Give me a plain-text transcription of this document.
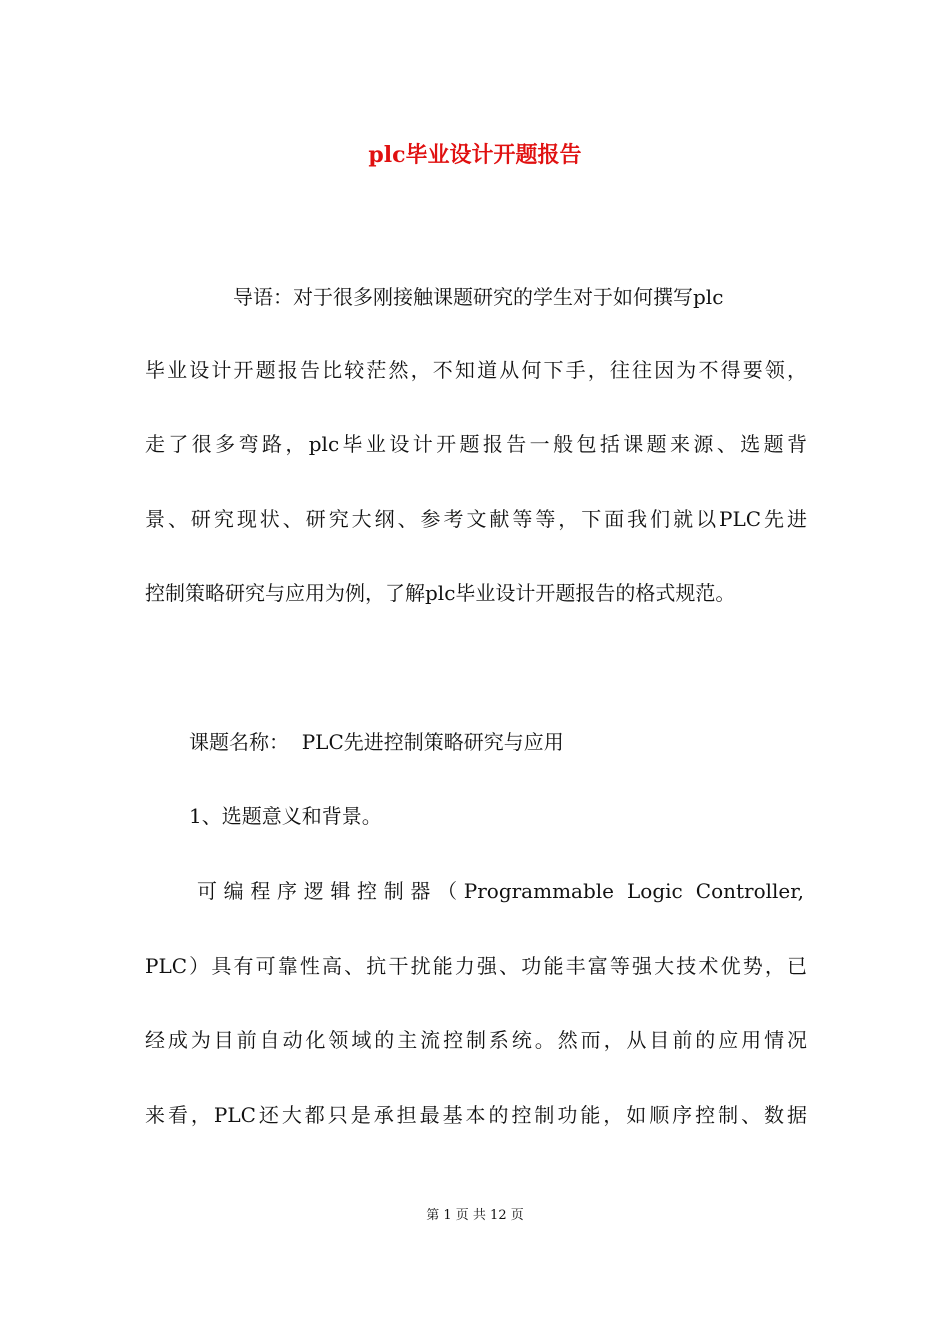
plc毕业设计开题报告
导语：对于很多刚接触课题研究的学生对于如何撰写plc
毕业设计开题报告比较茫然，不知道从何下手，往往因为不得要领，
走了很多弯路，plc毕业设计开题报告一般包括课题来源、选题背
景、研究现状、研究大纲、参考文献等等，下面我们就以PLC先进
控制策略研究与应用为例，了解plc毕业设计开题报告的格式规范。
课题名称：  PLC先进控制策略研究与应用
1、选题意义和背景。
可编程序逻辑控制器（Programmable Logic Controller,
PLC）具有可靠性高、抗干扰能力强、功能丰富等强大技术优势，已
经成为目前自动化领域的主流控制系统。然而，从目前的应用情况
来看，PLC还大都只是承担最基本的控制功能，如顺序控制、数据
第 1 页 共 12 页
